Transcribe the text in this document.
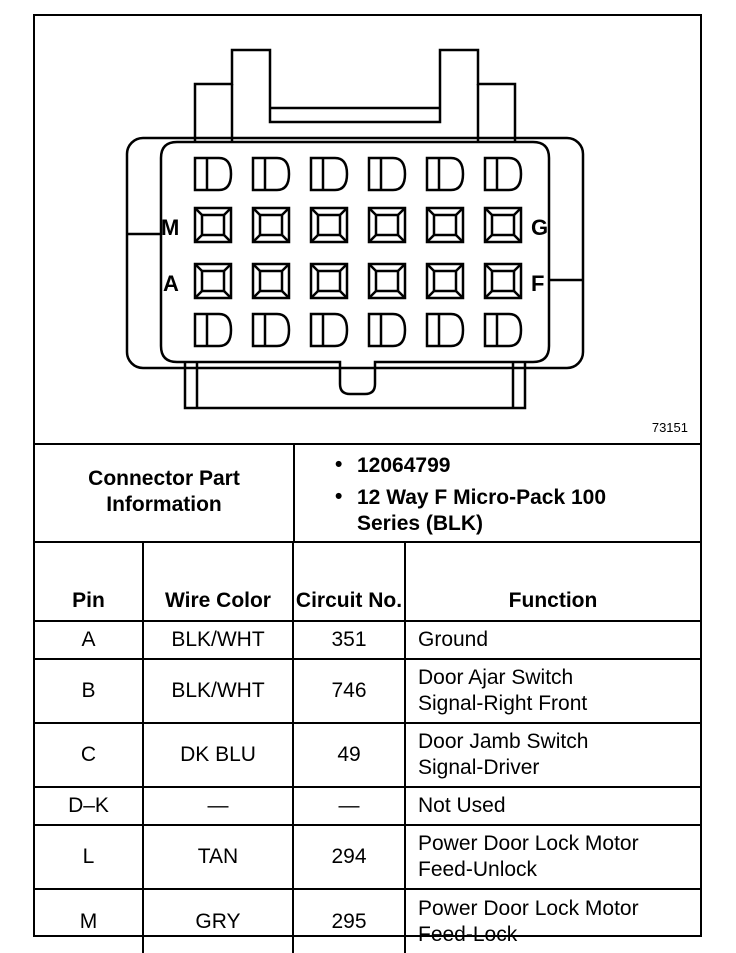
M	G
A	F
73151
Connector Part Information
• 12064799
• 12 Way F Micro-Pack 100 Series (BLK)
Pin	Wire Color	Circuit No.	Function
A	BLK/WHT	351	Ground

B	BLK/WHT	746	Door Ajar Switch
Signal-Right Front

C	DK BLU	49	Door Jamb Switch
Signal-Driver

D–K	—	—	Not Used

L	TAN	294	Power Door Lock Motor
Feed-Unlock

M	GRY	295	Power Door Lock Motor
Feed-Lock
